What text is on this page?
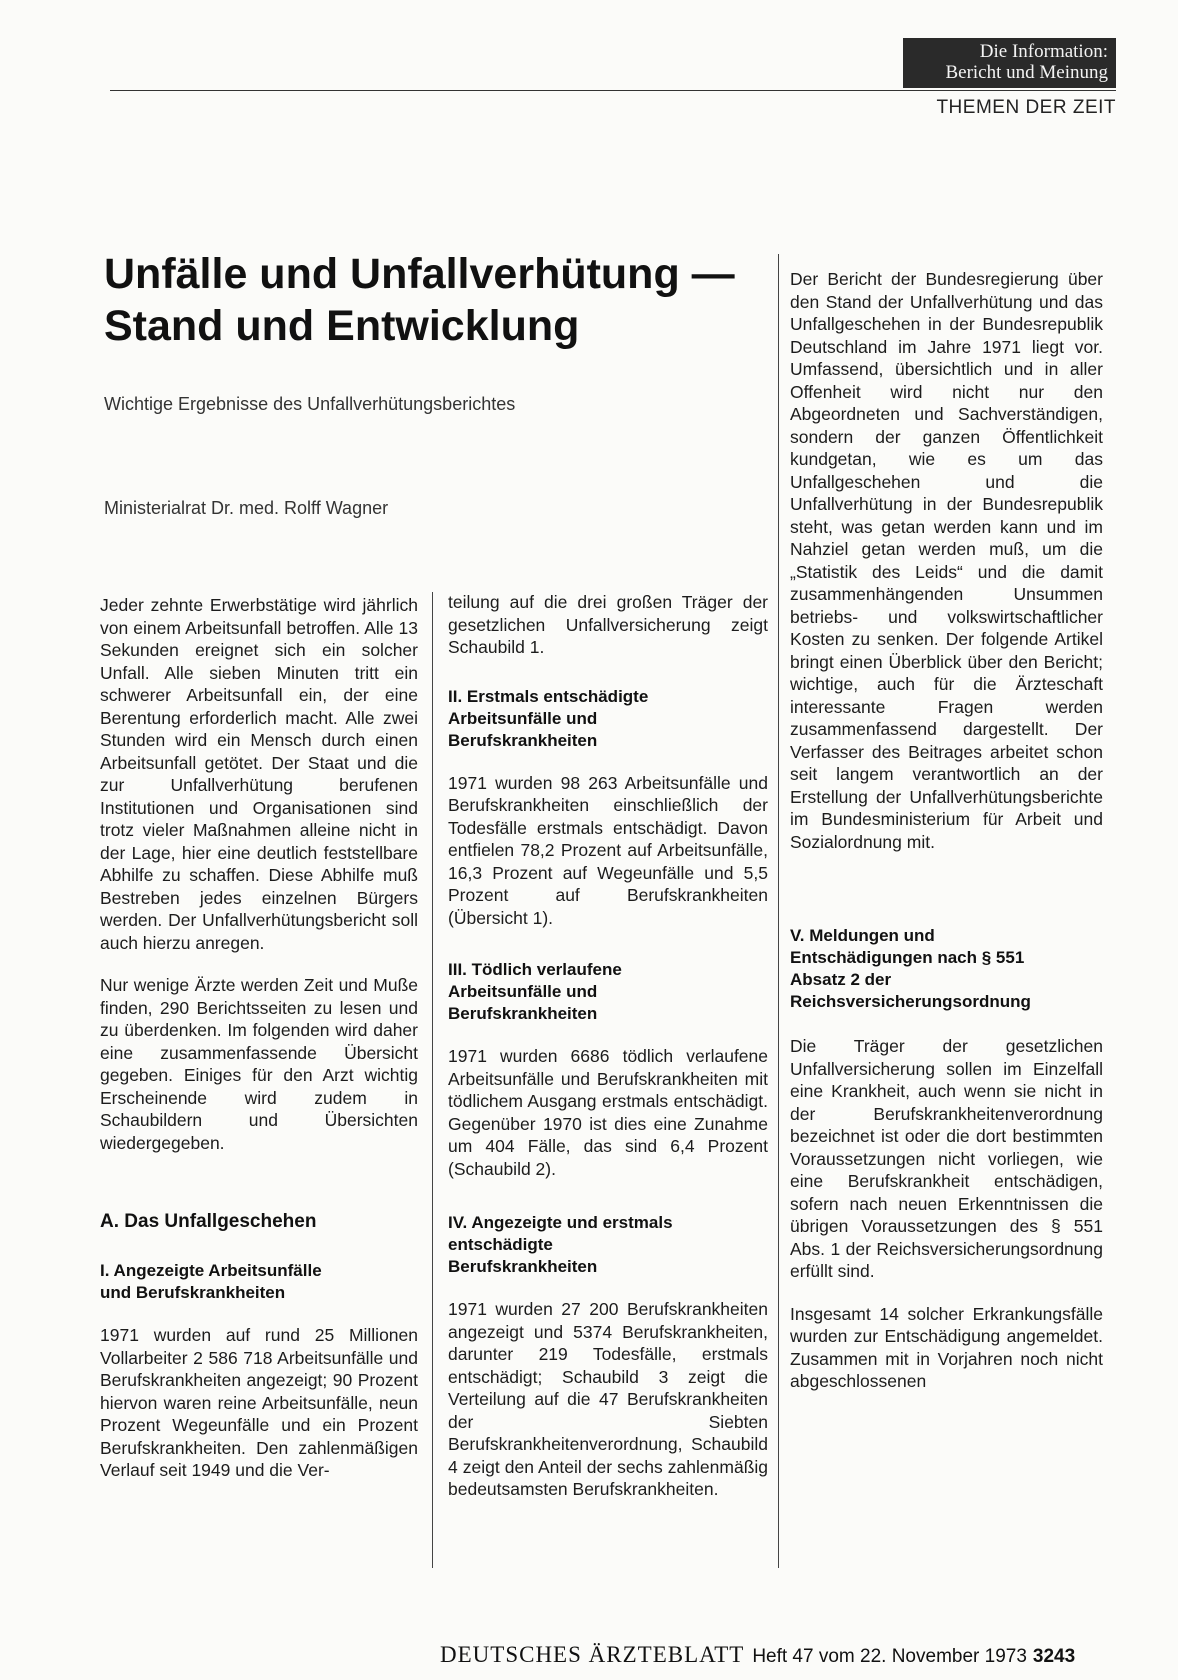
Die Information:
Bericht und Meinung
THEMEN DER ZEIT
Unfälle und Unfallverhütung — Stand und Entwicklung
Wichtige Ergebnisse des Unfallverhütungsberichtes
Ministerialrat Dr. med. Rolff Wagner

Jeder zehnte Erwerbstätige wird jährlich von einem Arbeitsunfall betroffen. Alle 13 Sekunden ereignet sich ein solcher Unfall. Alle sieben Minuten tritt ein schwerer Arbeitsunfall ein, der eine Berentung erforderlich macht. Alle zwei Stunden wird ein Mensch durch einen Arbeitsunfall getötet. Der Staat und die zur Unfallverhütung berufenen Institutionen und Organisationen sind trotz vieler Maßnahmen alleine nicht in der Lage, hier eine deutlich feststellbare Abhilfe zu schaffen. Diese Abhilfe muß Bestreben jedes einzelnen Bürgers werden. Der Unfallverhütungsbericht soll auch hierzu anregen.

Nur wenige Ärzte werden Zeit und Muße finden, 290 Berichtsseiten zu lesen und zu überdenken. Im folgenden wird daher eine zusammenfassende Übersicht gegeben. Einiges für den Arzt wichtig Erscheinende wird zudem in Schaubildern und Übersichten wiedergegeben.

A. Das Unfallgeschehen
I. Angezeigte Arbeitsunfälle und Berufskrankheiten

1971 wurden auf rund 25 Millionen Vollarbeiter 2 586 718 Arbeitsunfälle und Berufskrankheiten angezeigt; 90 Prozent hiervon waren reine Arbeitsunfälle, neun Prozent Wegeunfälle und ein Prozent Berufskrankheiten. Den zahlenmäßigen Verlauf seit 1949 und die Ver-

teilung auf die drei großen Träger der gesetzlichen Unfallversicherung zeigt Schaubild 1.

II. Erstmals entschädigte Arbeitsunfälle und Berufskrankheiten

1971 wurden 98 263 Arbeitsunfälle und Berufskrankheiten einschließlich der Todesfälle erstmals entschädigt. Davon entfielen 78,2 Prozent auf Arbeitsunfälle, 16,3 Prozent auf Wegeunfälle und 5,5 Prozent auf Berufskrankheiten (Übersicht 1).

III. Tödlich verlaufene Arbeitsunfälle und Berufskrankheiten

1971 wurden 6686 tödlich verlaufene Arbeitsunfälle und Berufskrankheiten mit tödlichem Ausgang erstmals entschädigt. Gegenüber 1970 ist dies eine Zunahme um 404 Fälle, das sind 6,4 Prozent (Schaubild 2).

IV. Angezeigte und erstmals entschädigte Berufskrankheiten

1971 wurden 27 200 Berufskrankheiten angezeigt und 5374 Berufskrankheiten, darunter 219 Todesfälle, erstmals entschädigt; Schaubild 3 zeigt die Verteilung auf die 47 Berufskrankheiten der Siebten Berufskrankheitenverordnung, Schaubild 4 zeigt den Anteil der sechs zahlenmäßig bedeutsamsten Berufskrankheiten.

Der Bericht der Bundesregierung über den Stand der Unfallverhütung und das Unfallgeschehen in der Bundesrepublik Deutschland im Jahre 1971 liegt vor. Umfassend, übersichtlich und in aller Offenheit wird nicht nur den Abgeordneten und Sachverständigen, sondern der ganzen Öffentlichkeit kundgetan, wie es um das Unfallgeschehen und die Unfallverhütung in der Bundesrepublik steht, was getan werden kann und im Nahziel getan werden muß, um die „Statistik des Leids“ und die damit zusammenhängenden Unsummen betriebs- und volkswirtschaftlicher Kosten zu senken. Der folgende Artikel bringt einen Überblick über den Bericht; wichtige, auch für die Ärzteschaft interessante Fragen werden zusammenfassend dargestellt. Der Verfasser des Beitrages arbeitet schon seit langem verantwortlich an der Erstellung der Unfallverhütungsberichte im Bundesministerium für Arbeit und Sozialordnung mit.

V. Meldungen und Entschädigungen nach § 551 Absatz 2 der Reichsversicherungsordnung

Die Träger der gesetzlichen Unfallversicherung sollen im Einzelfall eine Krankheit, auch wenn sie nicht in der Berufskrankheitenverordnung bezeichnet ist oder die dort bestimmten Voraussetzungen nicht vorliegen, wie eine Berufskrankheit entschädigen, sofern nach neuen Erkenntnissen die übrigen Voraussetzungen des § 551 Abs. 1 der Reichsversicherungsordnung erfüllt sind.

Insgesamt 14 solcher Erkrankungsfälle wurden zur Entschädigung angemeldet. Zusammen mit in Vorjahren noch nicht abgeschlossenen

DEUTSCHES ÄRZTEBLATT Heft 47 vom 22. November 1973 3243
